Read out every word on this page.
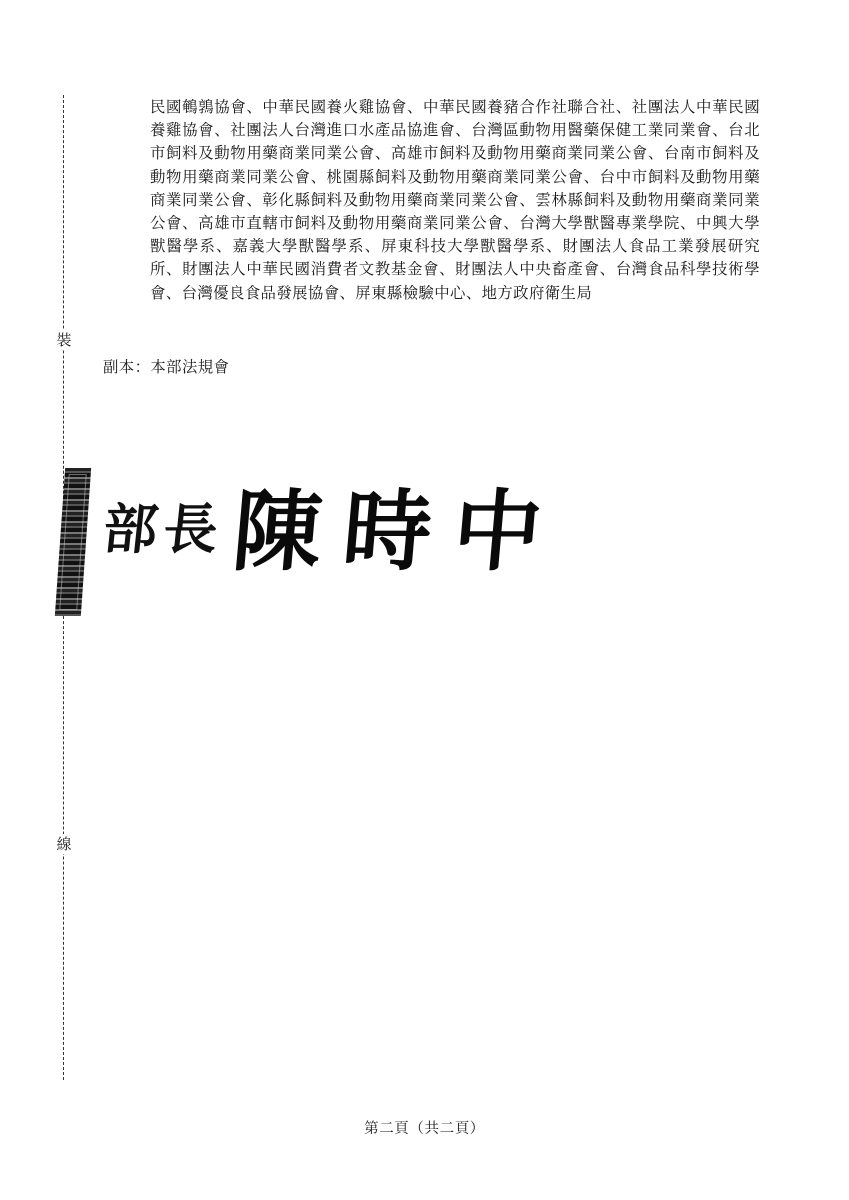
裝
線

民國鵪鶉協會、中華民國養火雞協會、中華民國養豬合作社聯合社、社團法人中華民國養雞協會、社團法人台灣進口水產品協進會、台灣區動物用醫藥保健工業同業會、台北市飼料及動物用藥商業同業公會、高雄市飼料及動物用藥商業同業公會、台南市飼料及動物用藥商業同業公會、桃園縣飼料及動物用藥商業同業公會、台中市飼料及動物用藥商業同業公會、彰化縣飼料及動物用藥商業同業公會、雲林縣飼料及動物用藥商業同業公會、高雄市直轄市飼料及動物用藥商業同業公會、台灣大學獸醫專業學院、中興大學獸醫學系、嘉義大學獸醫學系、屏東科技大學獸醫學系、財團法人食品工業發展研究所、財團法人中華民國消費者文教基金會、財團法人中央畜產會、台灣食品科學技術學會、台灣優良食品發展協會、屏東縣檢驗中心、地方政府衛生局

副本：本部法規會
部長 陳時中
第二頁（共二頁）
